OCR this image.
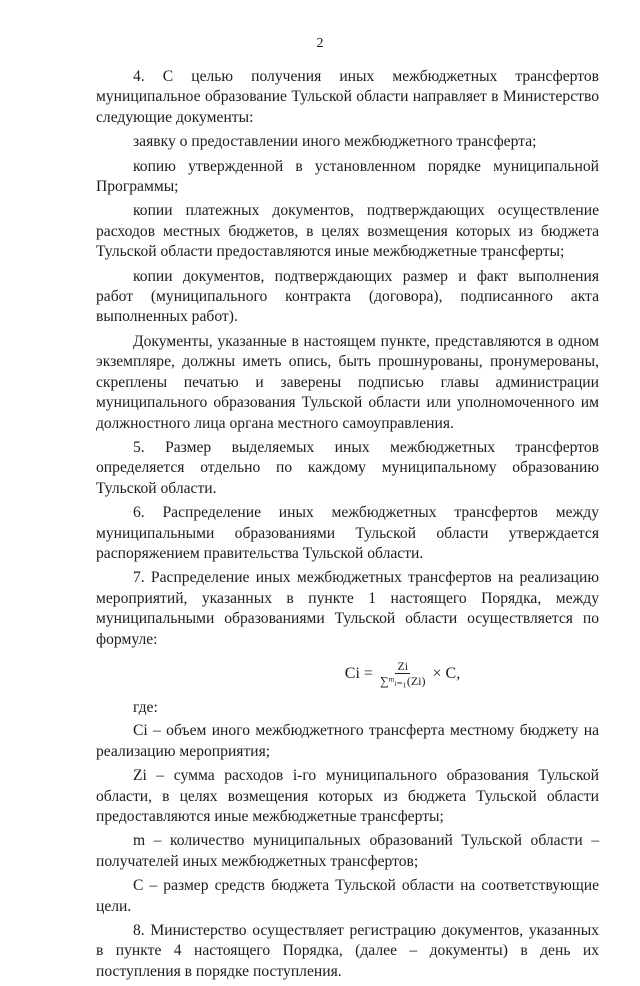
2

4. С целью получения иных межбюджетных трансфертов муниципальное образование Тульской области направляет в Министерство следующие документы:

заявку о предоставлении иного межбюджетного трансферта;

копию утвержденной в установленном порядке муниципальной Программы;

копии платежных документов, подтверждающих осуществление расходов местных бюджетов, в целях возмещения которых из бюджета Тульской области предоставляются иные межбюджетные трансферты;

копии документов, подтверждающих размер и факт выполнения работ (муниципального контракта (договора), подписанного акта выполненных работ).

Документы, указанные в настоящем пункте, представляются в одном экземпляре, должны иметь опись, быть прошнурованы, пронумерованы, скреплены печатью и заверены подписью главы администрации муниципального образования Тульской области или уполномоченного им должностного лица органа местного самоуправления.

5. Размер выделяемых иных межбюджетных трансфертов определяется отдельно по каждому муниципальному образованию Тульской области.

6. Распределение иных межбюджетных трансфертов между муниципальными образованиями Тульской области утверждается распоряжением правительства Тульской области.

7. Распределение иных межбюджетных трансфертов на реализацию мероприятий, указанных в пункте 1 настоящего Порядка, между муниципальными образованиями Тульской области осуществляется по формуле:

$Ci = \frac{Zi}{\text{∑ᵐᵢ₌₁(Zi)}} \times C$,

где:

Ci – объем иного межбюджетного трансферта местному бюджету на реализацию мероприятия;

Zi – сумма расходов i-го муниципального образования Тульской области, в целях возмещения которых из бюджета Тульской области предоставляются иные межбюджетные трансферты;

m – количество муниципальных образований Тульской области – получателей иных межбюджетных трансфертов;

С – размер средств бюджета Тульской области на соответствующие цели.

8. Министерство осуществляет регистрацию документов, указанных в пункте 4 настоящего Порядка, (далее – документы) в день их поступления в порядке поступления.
